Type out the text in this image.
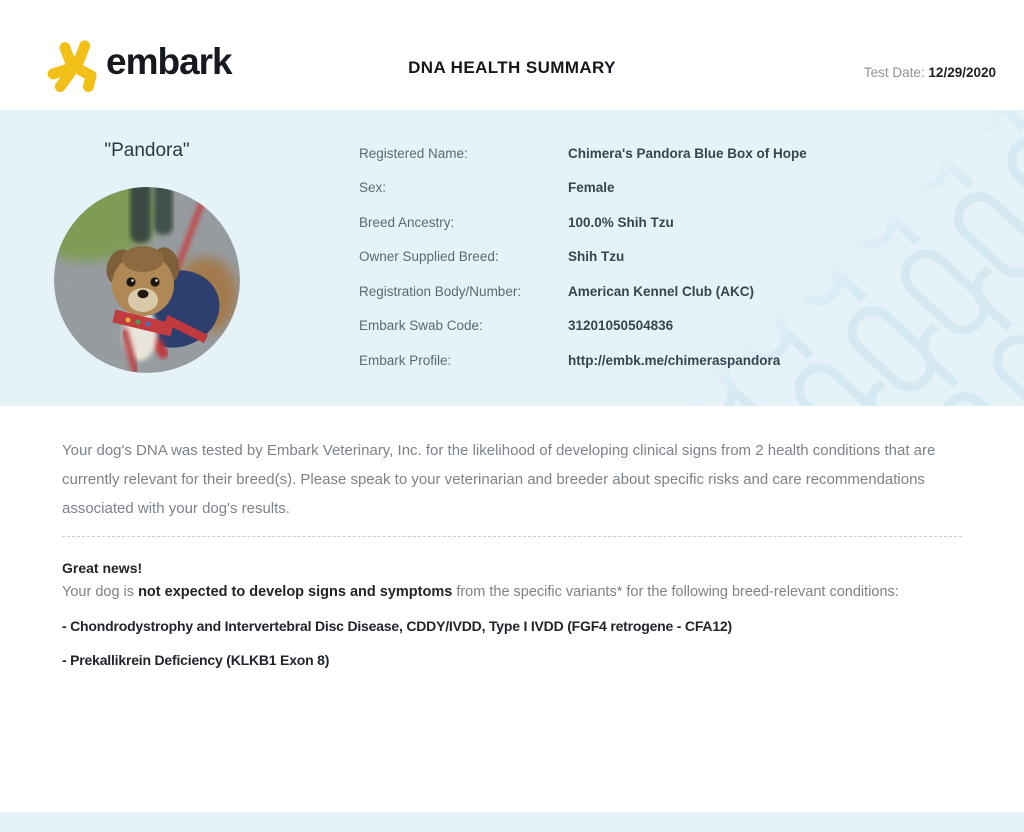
embark	DNA HEALTH SUMMARY	Test Date: 12/29/2020
"Pandora"	Registered Name:	Chimera's Pandora Blue Box of Hope
Sex:	Female
Breed Ancestry:	100.0% Shih Tzu
Owner Supplied Breed:	Shih Tzu
Registration Body/Number:	American Kennel Club (AKC)
Embark Swab Code:	31201050504836
Embark Profile:	http://embk.me/chimeraspandora

Your dog's DNA was tested by Embark Veterinary, Inc. for the likelihood of developing clinical signs from 2 health conditions that are currently relevant for their breed(s). Please speak to your veterinarian and breeder about specific risks and care recommendations associated with your dog's results.

Great news!
Your dog is not expected to develop signs and symptoms from the specific variants* for the following breed-relevant conditions:
- Chondrodystrophy and Intervertebral Disc Disease, CDDY/IVDD, Type I IVDD (FGF4 retrogene - CFA12)
- Prekallikrein Deficiency (KLKB1 Exon 8)
